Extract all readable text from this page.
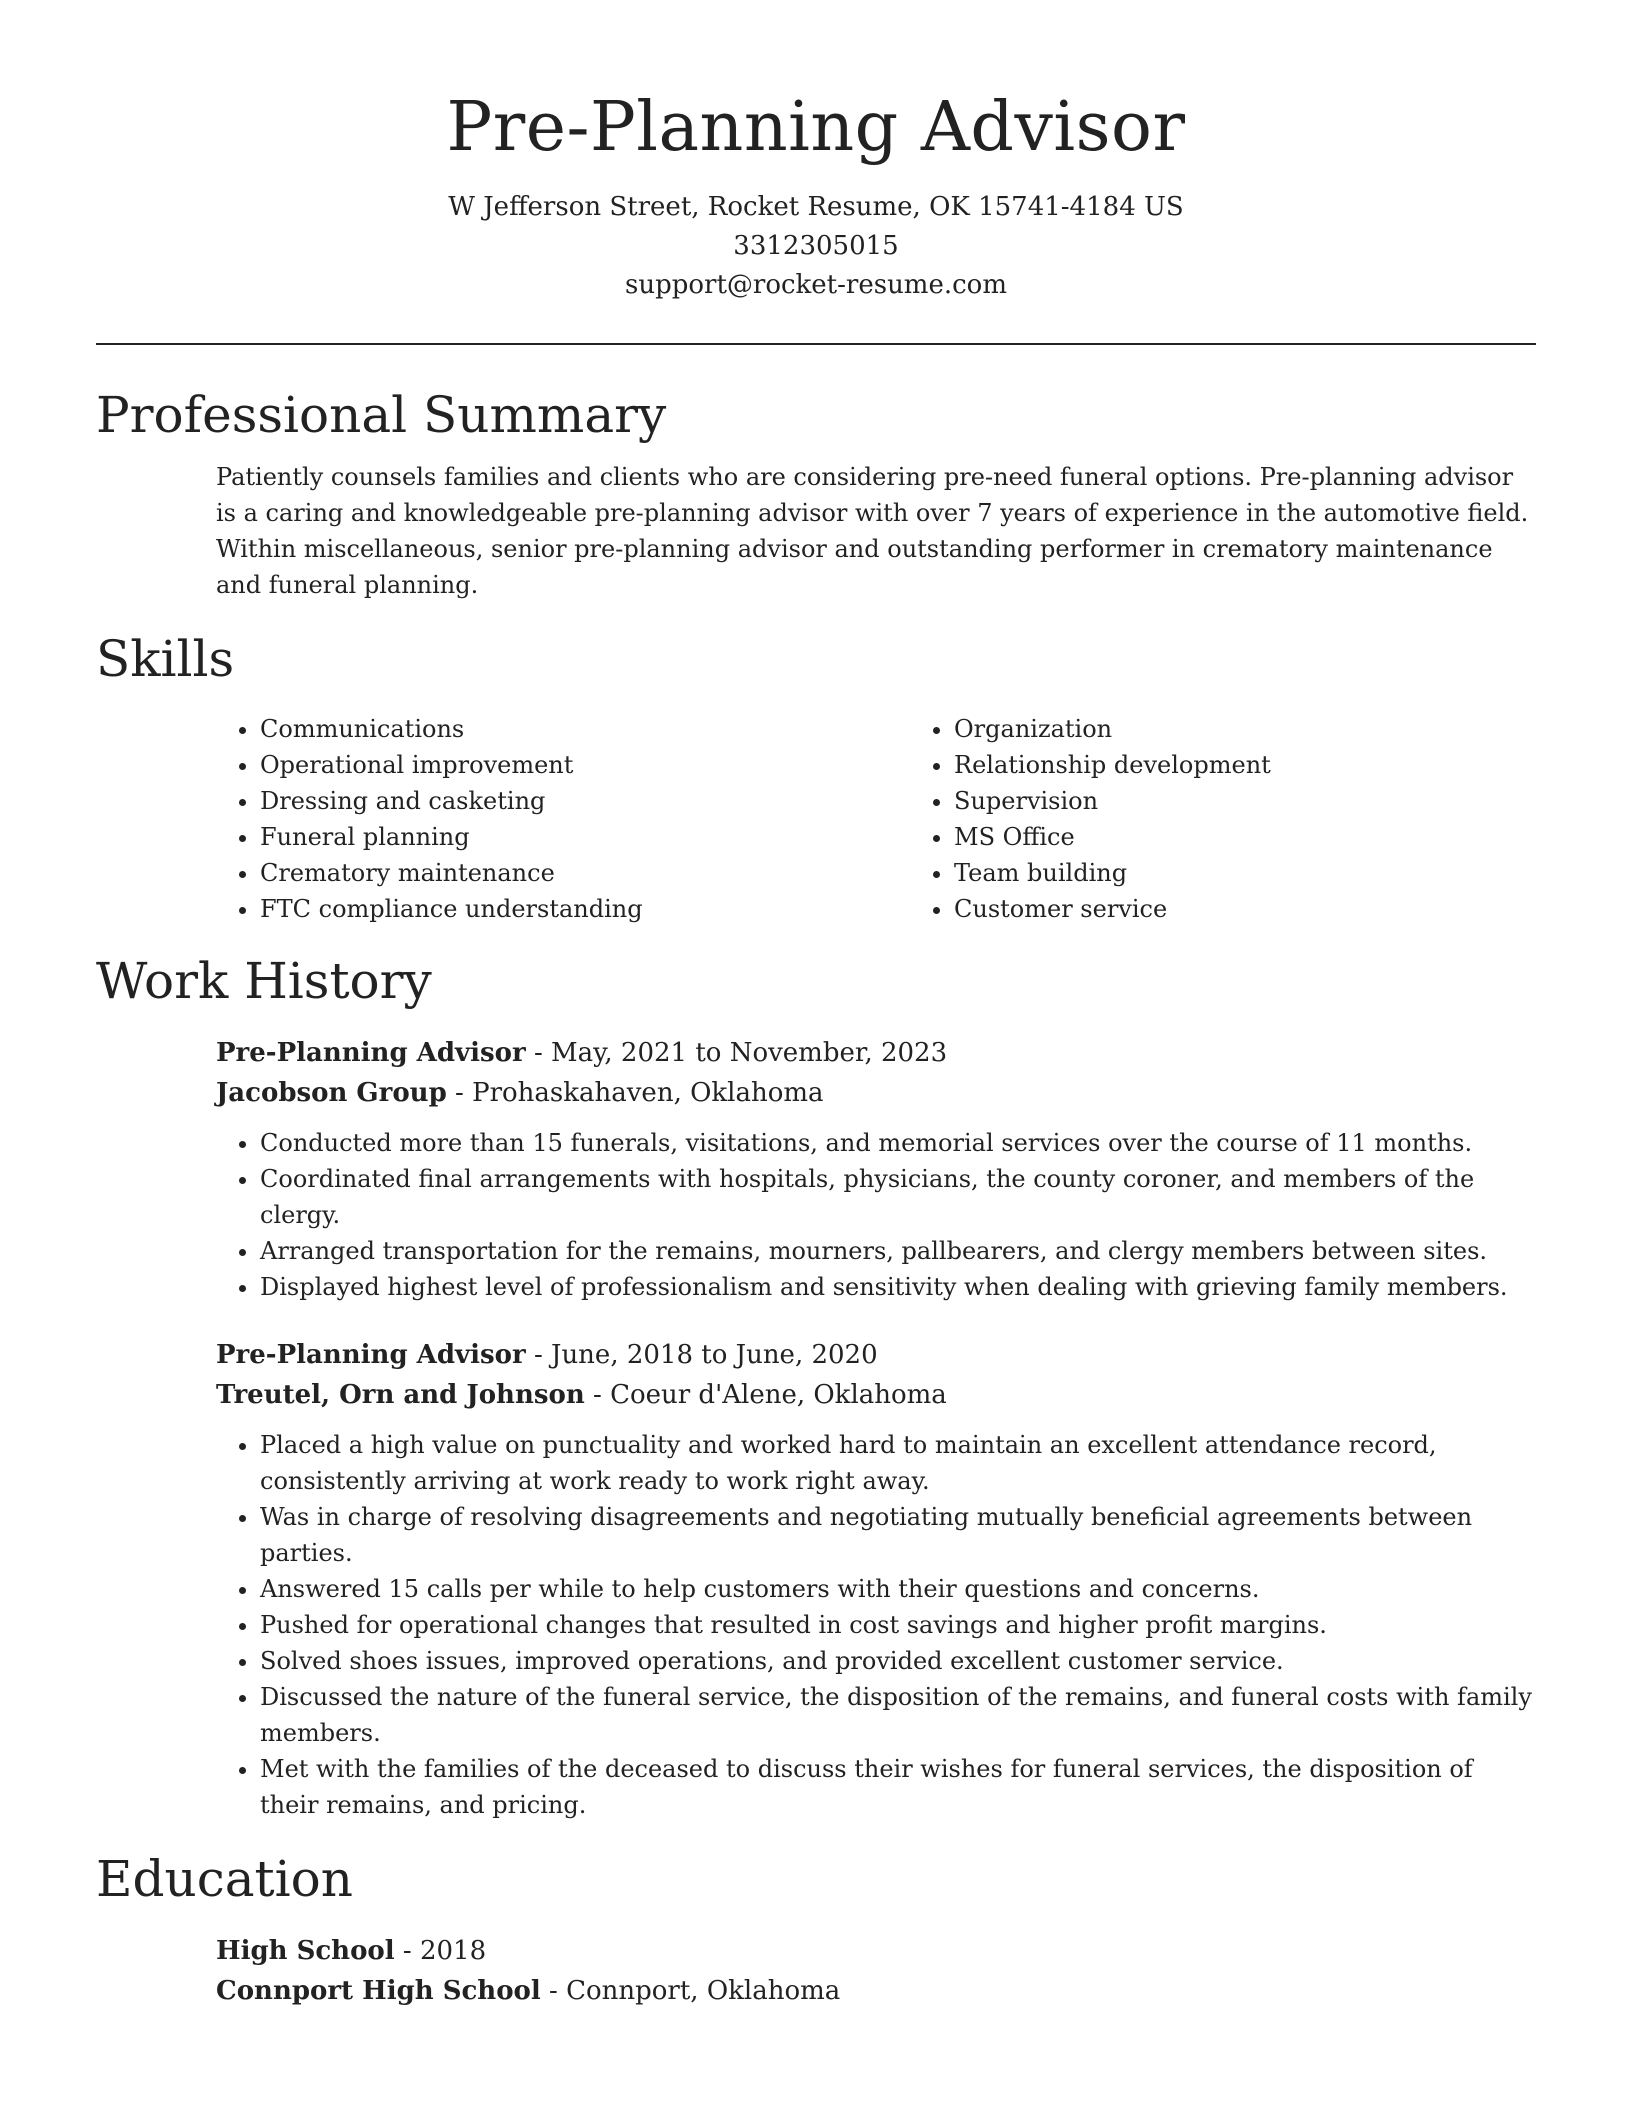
Pre-Planning Advisor
W Jefferson Street, Rocket Resume, OK 15741-4184 US
3312305015
support@rocket-resume.com
Professional Summary
Patiently counsels families and clients who are considering pre-need funeral options. Pre-planning advisor is a caring and knowledgeable pre-planning advisor with over 7 years of experience in the automotive field. Within miscellaneous, senior pre-planning advisor and outstanding performer in crematory maintenance and funeral planning.
Skills
• Communications
• Operational improvement
• Dressing and casketing
• Funeral planning
• Crematory maintenance
• FTC compliance understanding
• Organization
• Relationship development
• Supervision
• MS Office
• Team building
• Customer service
Work History
Pre-Planning Advisor - May, 2021 to November, 2023
Jacobson Group - Prohaskahaven, Oklahoma
• Conducted more than 15 funerals, visitations, and memorial services over the course of 11 months.
• Coordinated final arrangements with hospitals, physicians, the county coroner, and members of the clergy.
• Arranged transportation for the remains, mourners, pallbearers, and clergy members between sites.
• Displayed highest level of professionalism and sensitivity when dealing with grieving family members.
Pre-Planning Advisor - June, 2018 to June, 2020
Treutel, Orn and Johnson - Coeur d'Alene, Oklahoma
• Placed a high value on punctuality and worked hard to maintain an excellent attendance record, consistently arriving at work ready to work right away.
• Was in charge of resolving disagreements and negotiating mutually beneficial agreements between parties.
• Answered 15 calls per while to help customers with their questions and concerns.
• Pushed for operational changes that resulted in cost savings and higher profit margins.
• Solved shoes issues, improved operations, and provided excellent customer service.
• Discussed the nature of the funeral service, the disposition of the remains, and funeral costs with family members.
• Met with the families of the deceased to discuss their wishes for funeral services, the disposition of their remains, and pricing.
Education
High School - 2018
Connport High School - Connport, Oklahoma
